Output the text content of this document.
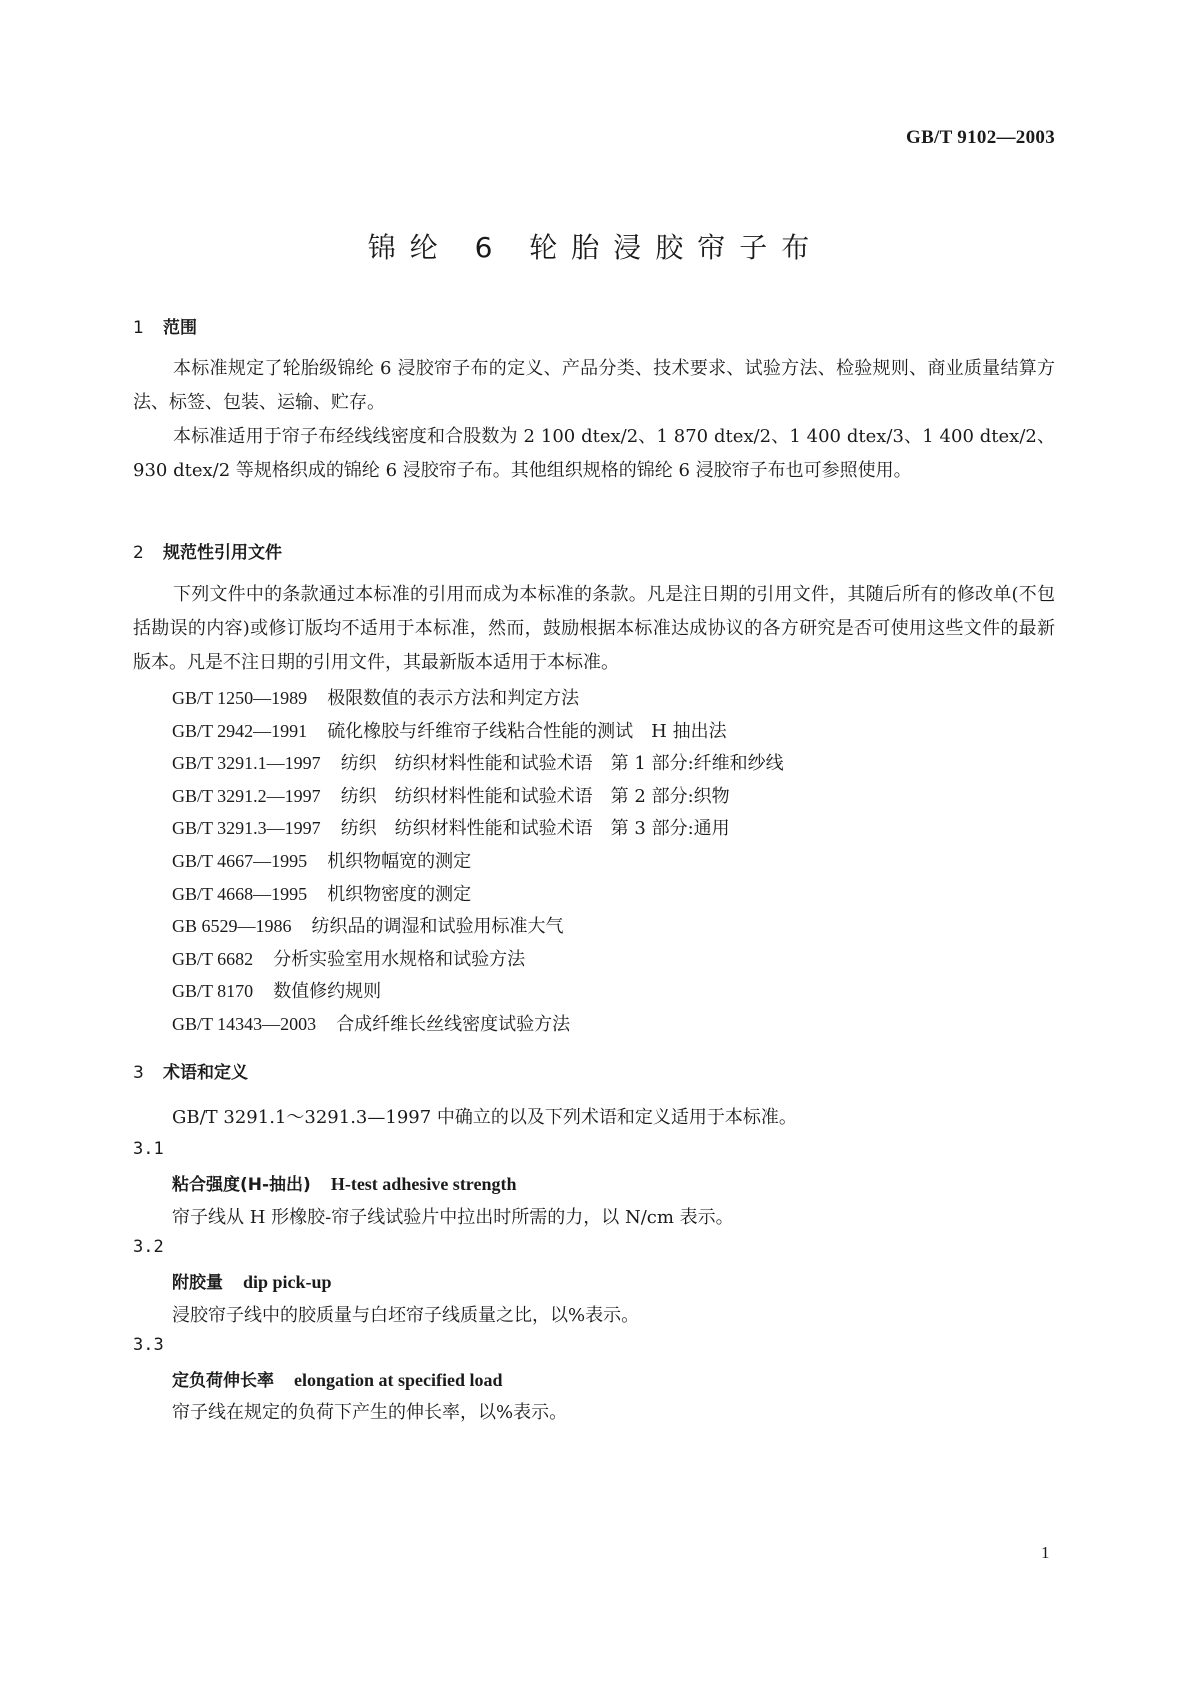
GB/T 9102—2003
锦纶 6 轮胎浸胶帘子布
1 范围

本标准规定了轮胎级锦纶 6 浸胶帘子布的定义、产品分类、技术要求、试验方法、检验规则、商业质量结算方法、标签、包装、运输、贮存。

本标准适用于帘子布经线线密度和合股数为 2 100 dtex/2、1 870 dtex/2、1 400 dtex/3、1 400 dtex/2、930 dtex/2 等规格织成的锦纶 6 浸胶帘子布。其他组织规格的锦纶 6 浸胶帘子布也可参照使用。

2 规范性引用文件

下列文件中的条款通过本标准的引用而成为本标准的条款。凡是注日期的引用文件，其随后所有的修改单(不包括勘误的内容)或修订版均不适用于本标准，然而，鼓励根据本标准达成协议的各方研究是否可使用这些文件的最新版本。凡是不注日期的引用文件，其最新版本适用于本标准。

GB/T 1250—1989 极限数值的表示方法和判定方法
GB/T 2942—1991 硫化橡胶与纤维帘子线粘合性能的测试　H 抽出法
GB/T 3291.1—1997 纺织　纺织材料性能和试验术语　第 1 部分:纤维和纱线
GB/T 3291.2—1997 纺织　纺织材料性能和试验术语　第 2 部分:织物
GB/T 3291.3—1997 纺织　纺织材料性能和试验术语　第 3 部分:通用
GB/T 4667—1995 机织物幅宽的测定
GB/T 4668—1995 机织物密度的测定
GB 6529—1986 纺织品的调湿和试验用标准大气
GB/T 6682 分析实验室用水规格和试验方法
GB/T 8170 数值修约规则
GB/T 14343—2003 合成纤维长丝线密度试验方法
3 术语和定义
GB/T 3291.1～3291.3—1997 中确立的以及下列术语和定义适用于本标准。
3.1
粘合强度(H-抽出) H-test adhesive strength
帘子线从 H 形橡胶-帘子线试验片中拉出时所需的力，以 N/cm 表示。
3.2
附胶量 dip pick-up
浸胶帘子线中的胶质量与白坯帘子线质量之比，以%表示。
3.3
定负荷伸长率 elongation at specified load
帘子线在规定的负荷下产生的伸长率，以%表示。
1
